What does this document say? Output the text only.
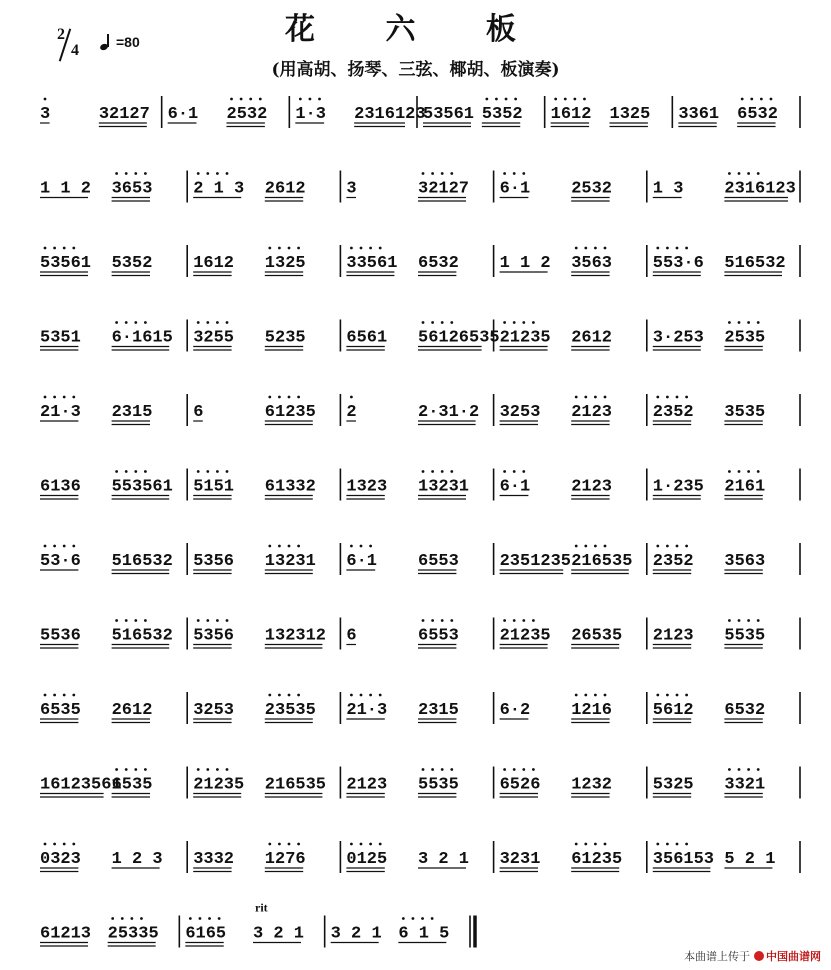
花 六 板
(用高胡、扬琴、三弦、椰胡、板演奏)
2
4	=80
3	32127 6·1 2532 1·3 2316123
53561 5352 1612 1325 3361 6532
1 1 2 3653 2 1 3 2612 3	32127 6·1 2532 1 3 2316123
53561 5352 1612 1325 33561 6532 1 1 2 3563 553·6 516532
5351 6·1615 3255 5235 6561 56126535 21235 2612 3·253 2535
21·3 2315 6	61235 2	2·31·2 3253 2123 2352 3535
6136 553561 5151 61332 1323 13231 6·1 2123 1·235 2161
53·6 516532 5356 13231 6·1 6553 2351235 216535 2352 3563
5536 516532 5356 132312 6	6553 21235 26535 2123 5535
6535 2612 3253 23535 21·3 2315 6·2 1216 5612 6532
16123561
6535 21235 216535 2123 5535 6526 1232 5325 3321
0323 1 2 3 3332 1276 0125 3 2 1 3231 61235 356153 5 2 1
61213 25335 6165 3 2 1 3 2 1 6 1 5
rit
本曲谱上传于 中国曲谱网
